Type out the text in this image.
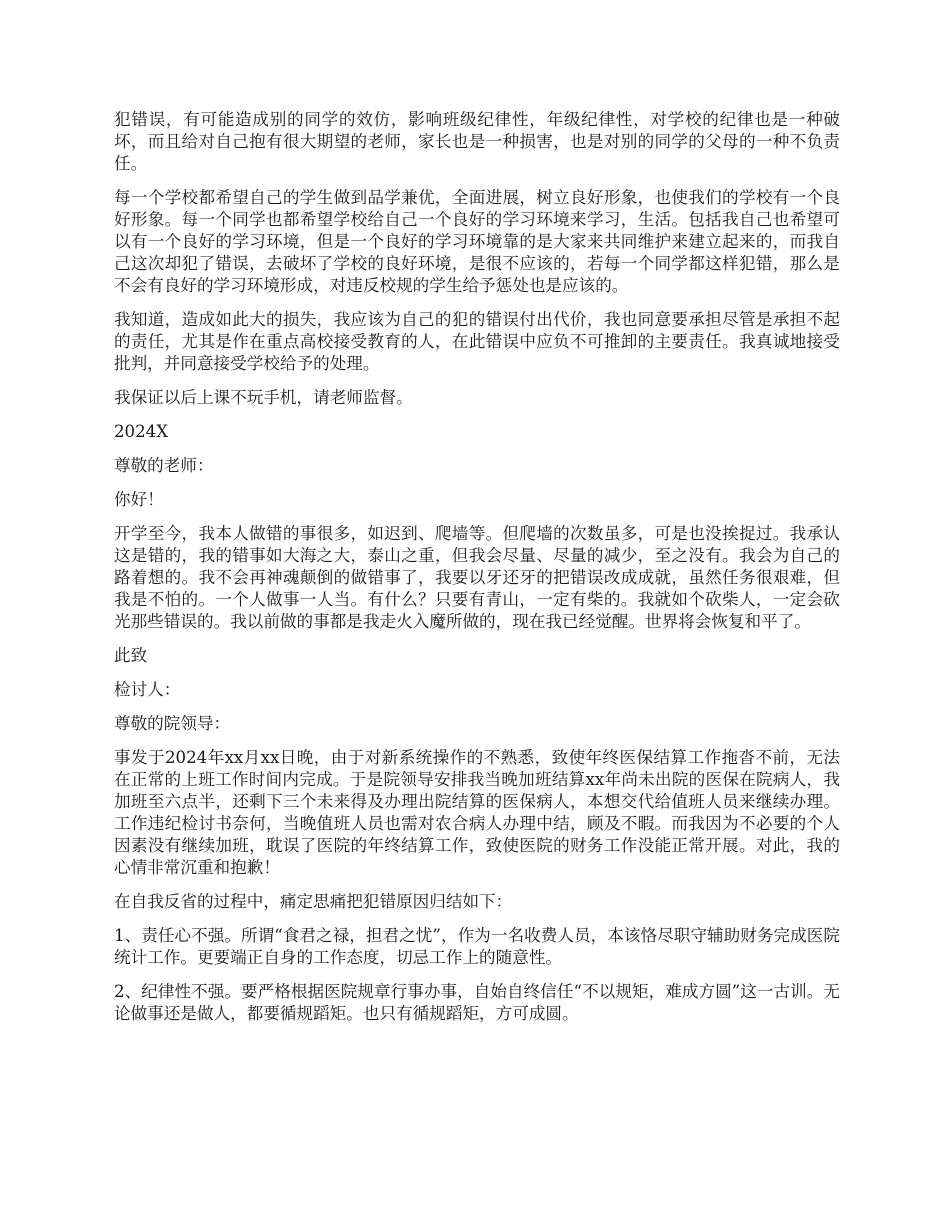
犯错误，有可能造成别的同学的效仿，影响班级纪律性，年级纪律性，对学校的纪律也是一种破坏，而且给对自己抱有很大期望的老师，家长也是一种损害，也是对别的同学的父母的一种不负责任。

每一个学校都希望自己的学生做到品学兼优，全面进展，树立良好形象，也使我们的学校有一个良好形象。每一个同学也都希望学校给自己一个良好的学习环境来学习，生活。包括我自己也希望可以有一个良好的学习环境，但是一个良好的学习环境靠的是大家来共同维护来建立起来的，而我自己这次却犯了错误，去破坏了学校的良好环境，是很不应该的，若每一个同学都这样犯错，那么是不会有良好的学习环境形成，对违反校规的学生给予惩处也是应该的。

我知道，造成如此大的损失，我应该为自己的犯的错误付出代价，我也同意要承担尽管是承担不起的责任，尤其是作在重点高校接受教育的人，在此错误中应负不可推卸的主要责任。我真诚地接受批判，并同意接受学校给予的处理。

我保证以后上课不玩手机，请老师监督。

2024X

尊敬的老师：

你好！

开学至今，我本人做错的事很多，如迟到、爬墙等。但爬墙的次数虽多，可是也没挨捉过。我承认这是错的，我的错事如大海之大，泰山之重，但我会尽量、尽量的减少，至之没有。我会为自己的路着想的。我不会再神魂颠倒的做错事了，我要以牙还牙的把错误改成成就，虽然任务很艰难，但我是不怕的。一个人做事一人当。有什么？只要有青山，一定有柴的。我就如个砍柴人，一定会砍光那些错误的。我以前做的事都是我走火入魔所做的，现在我已经觉醒。世界将会恢复和平了。

此致

检讨人：

尊敬的院领导：

事发于2024年xx月xx日晚，由于对新系统操作的不熟悉，致使年终医保结算工作拖沓不前，无法在正常的上班工作时间内完成。于是院领导安排我当晚加班结算xx年尚未出院的医保在院病人，我加班至六点半，还剩下三个未来得及办理出院结算的医保病人，本想交代给值班人员来继续办理。工作违纪检讨书奈何，当晚值班人员也需对农合病人办理中结，顾及不暇。而我因为不必要的个人因素没有继续加班，耽误了医院的年终结算工作，致使医院的财务工作没能正常开展。对此，我的心情非常沉重和抱歉！

在自我反省的过程中，痛定思痛把犯错原因归结如下：

1、责任心不强。所谓“食君之禄，担君之忧”，作为一名收费人员，本该恪尽职守辅助财务完成医院统计工作。更要端正自身的工作态度，切忌工作上的随意性。

2、纪律性不强。要严格根据医院规章行事办事，自始自终信任“不以规矩，难成方圆”这一古训。无论做事还是做人，都要循规蹈矩。也只有循规蹈矩，方可成圆。
